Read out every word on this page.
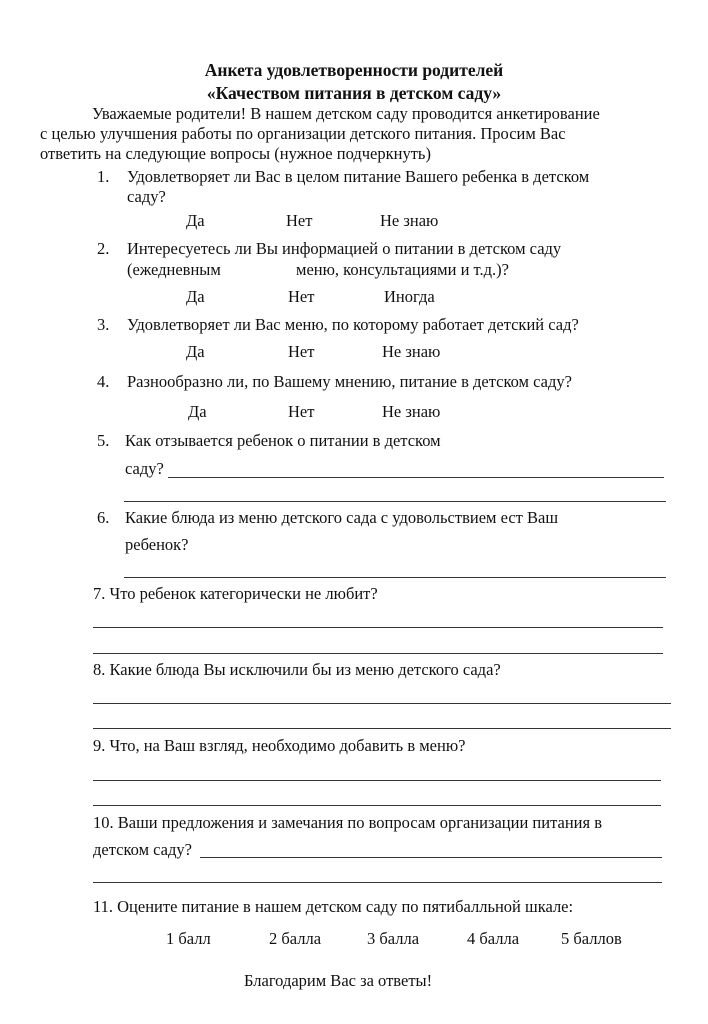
Анкета удовлетворенности родителей
«Качеством питания в детском саду»
Уважаемые родители! В нашем детском саду проводится анкетирование
с целью улучшения работы по организации детского питания. Просим Вас
ответить на следующие вопросы (нужное подчеркнуть)
1. Удовлетворяет ли Вас в целом питание Вашего ребенка в детском
саду?
Да	Нет	Не знаю
2. Интересуетесь ли Вы информацией о питании в детском саду
(ежедневным	меню, консультациями и т.д.)?
Да	Нет	Иногда
3. Удовлетворяет ли Вас меню, по которому работает детский сад?
Да	Нет	Не знаю
4. Разнообразно ли, по Вашему мнению, питание в детском саду?
Да	Нет	Не знаю
5. Как отзывается ребенок о питании в детском
саду?
6. Какие блюда из меню детского сада с удовольствием ест Ваш
ребенок?
7. Что ребенок категорически не любит?
8. Какие блюда Вы исключили бы из меню детского сада?
9. Что, на Ваш взгляд, необходимо добавить в меню?
10. Ваши предложения и замечания по вопросам организации питания в
детском саду?
11. Оцените питание в нашем детском саду по пятибалльной шкале:
1 балл	2 балла	3 балла	4 балла	5 баллов
Благодарим Вас за ответы!
